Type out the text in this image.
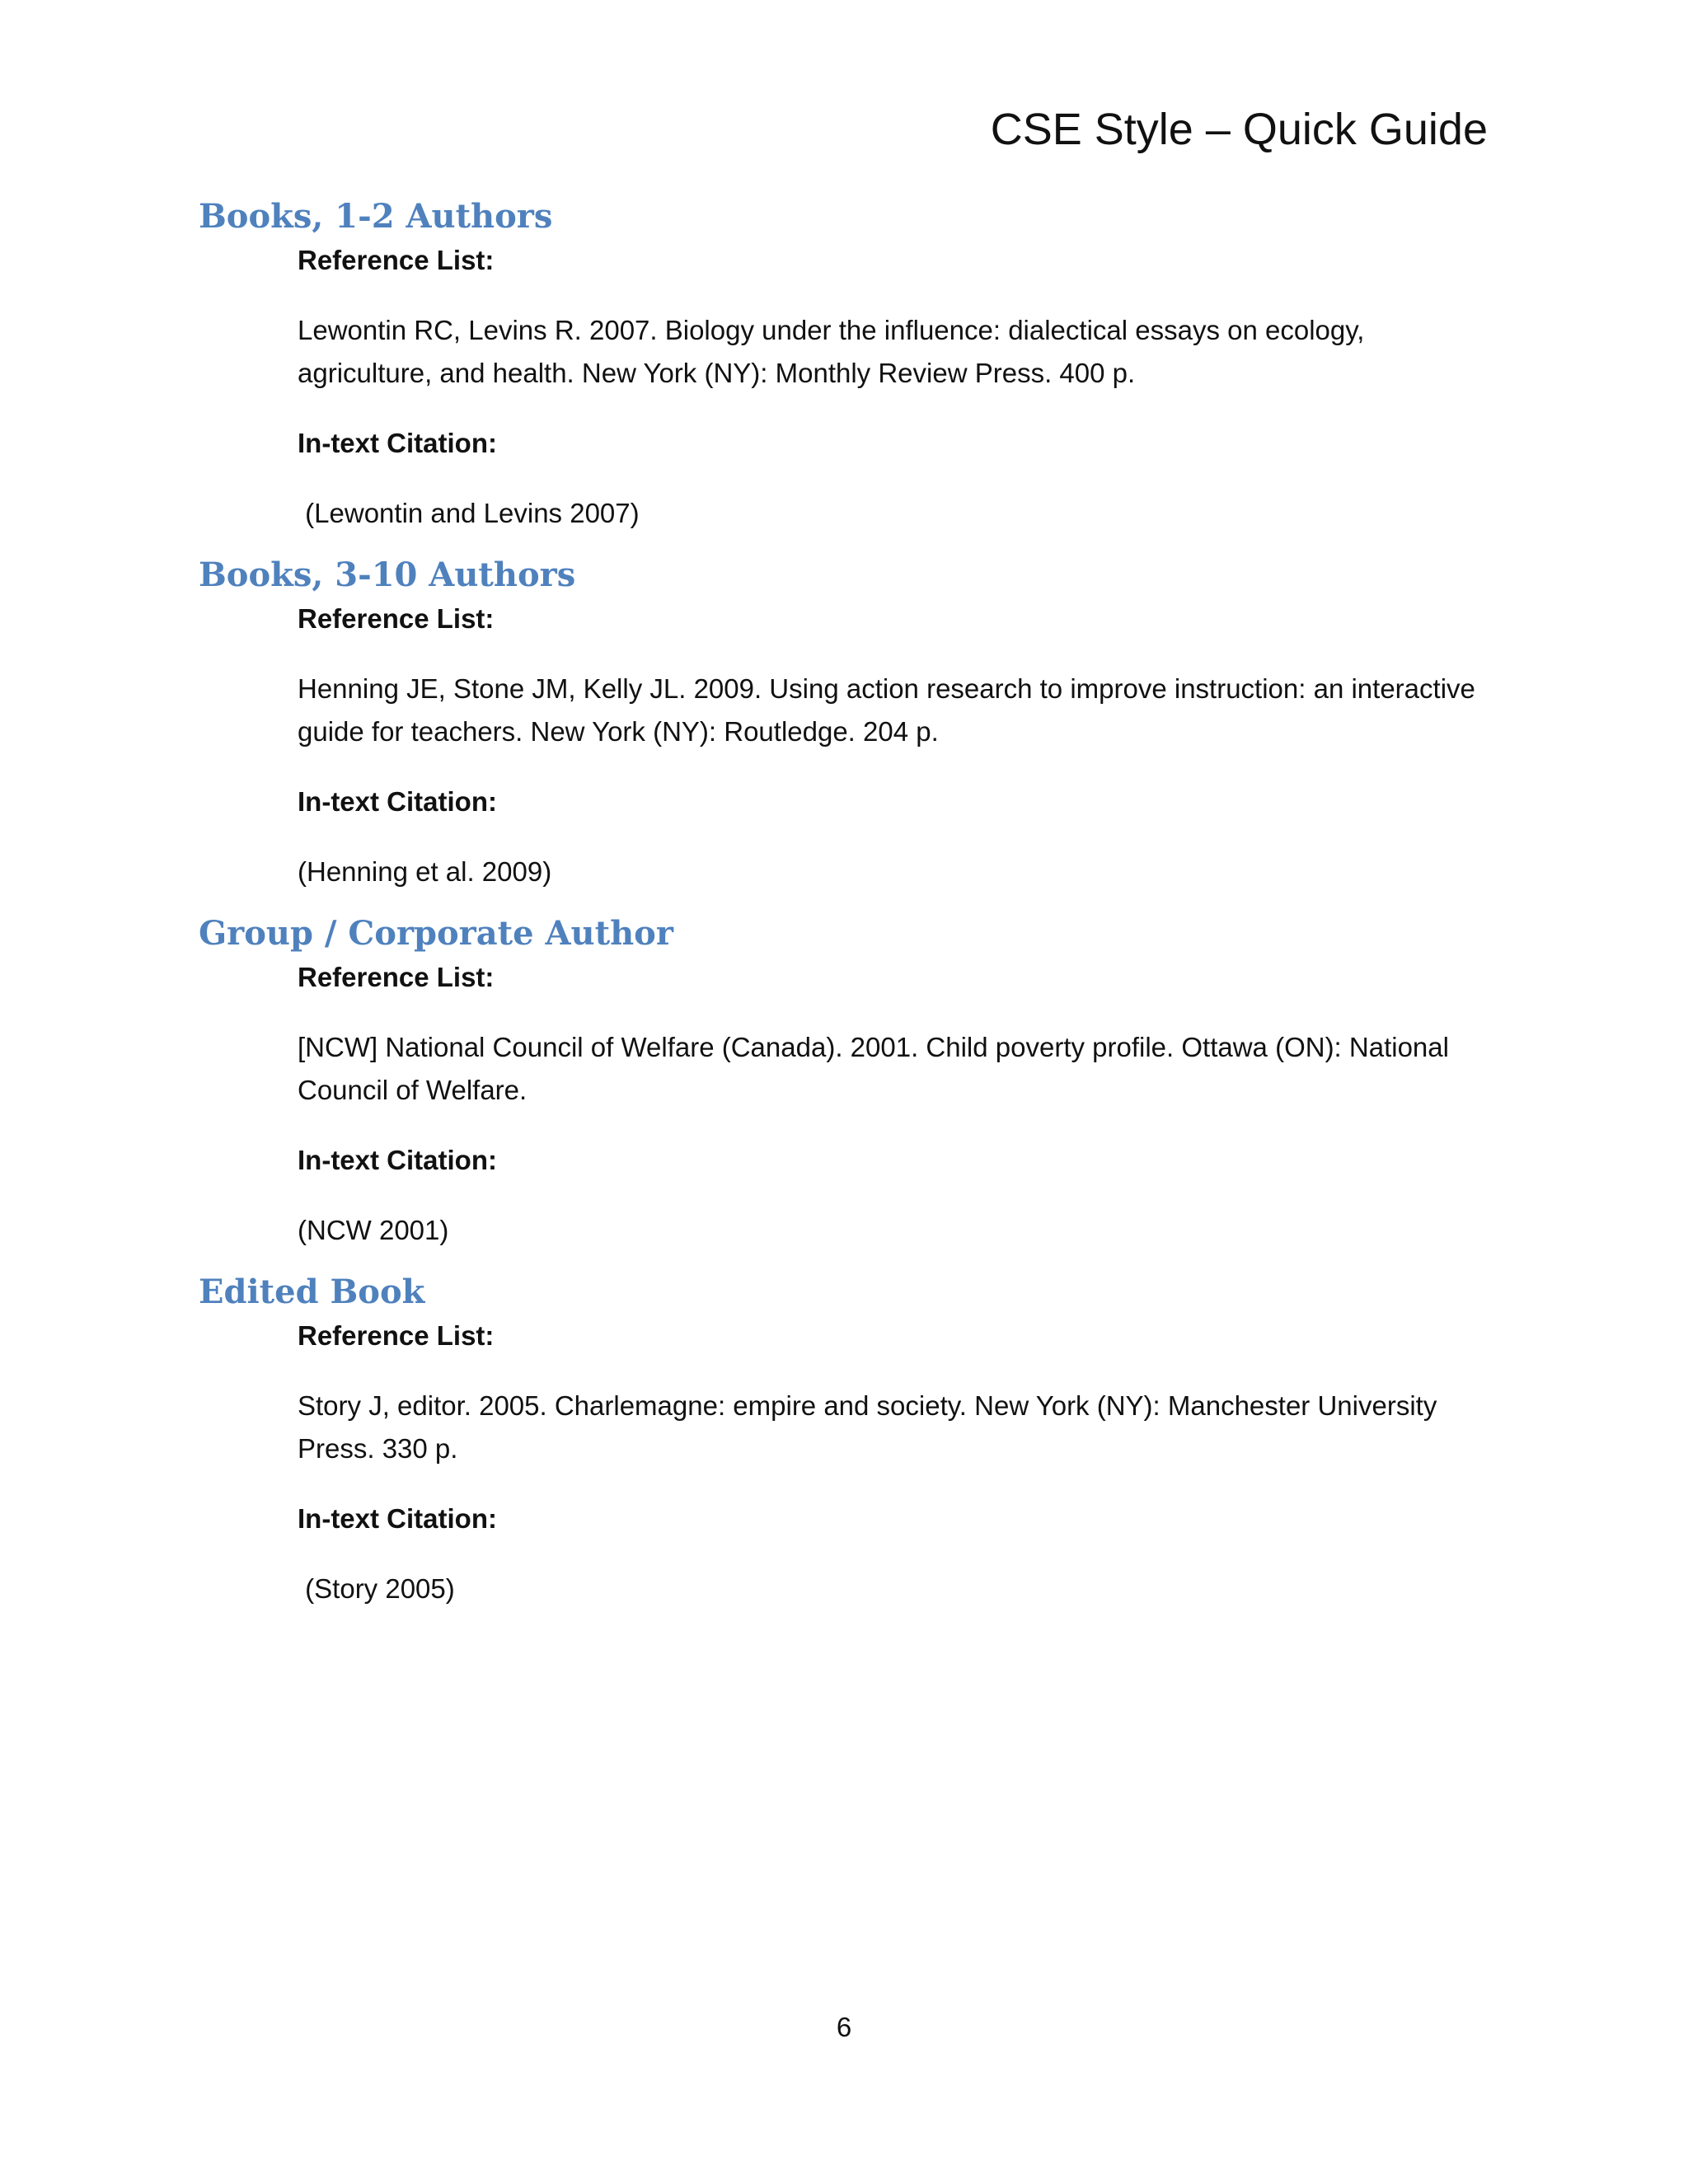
CSE Style – Quick Guide
Books, 1-2 Authors

Reference List:

Lewontin RC, Levins R. 2007. Biology under the influence: dialectical essays on ecology, agriculture, and health. New York (NY): Monthly Review Press. 400 p.

In-text Citation:

(Lewontin and Levins 2007)

Books, 3-10 Authors

Reference List:

Henning JE, Stone JM, Kelly JL. 2009. Using action research to improve instruction: an interactive guide for teachers. New York (NY): Routledge. 204 p.

In-text Citation:

(Henning et al. 2009)

Group / Corporate Author

Reference List:

[NCW] National Council of Welfare (Canada). 2001. Child poverty profile. Ottawa (ON): National Council of Welfare.

In-text Citation:

(NCW 2001)

Edited Book

Reference List:

Story J, editor. 2005. Charlemagne: empire and society. New York (NY): Manchester University Press. 330 p.

In-text Citation:

(Story 2005)

6
